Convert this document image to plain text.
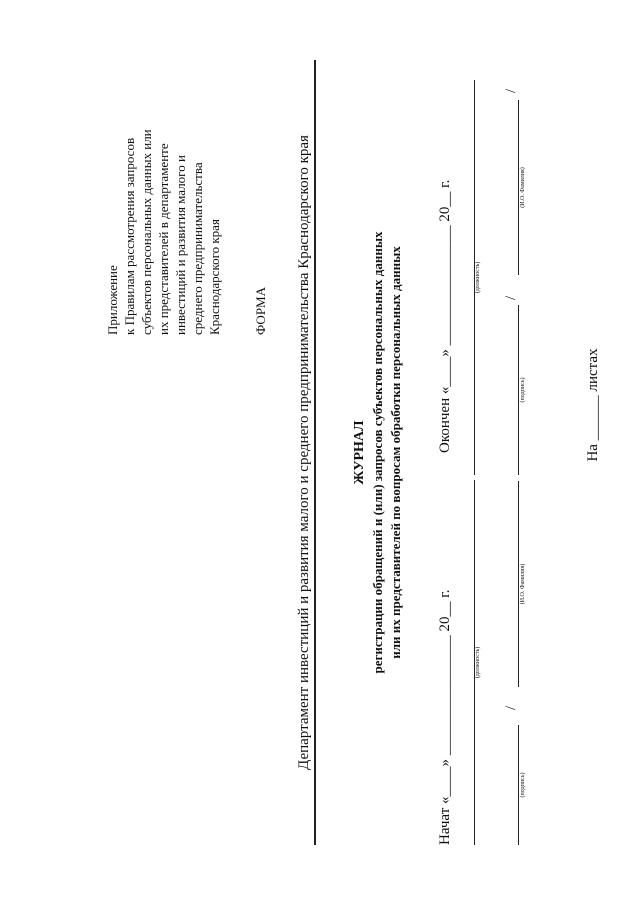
Приложение к Правилам рассмотрения запросов субъектов персональных данных или их представителей в департаменте инвестиций и развития малого и среднего предпринимательства Краснодарского края ФОРМА Департамент инвестиций и развития малого и среднего предпринимательства Краснодарского края	ЖУРНАЛ регистрации обращений и (или) запросов субъектов персональных данных или их представителей по вопросам обработки персональных данных
Начат «____» ________________ 20__ г.
Окончен «____» ________________ 20__ г.
(должность)
/
(подпись)
(И.О. Фамилия)
(должность)
/
/
(подпись)
(И.О. Фамилия)
На ______ листах
